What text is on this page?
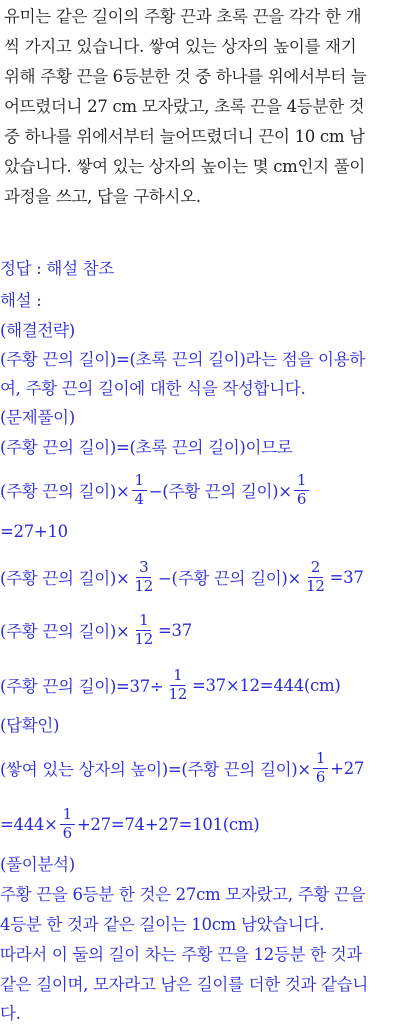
유미는 같은 길이의 주황 끈과 초록 끈을 각각 한 개
씩 가지고 있습니다. 쌓여 있는 상자의 높이를 재기
위해 주황 끈을 6등분한 것 중 하나를 위에서부터 늘
어뜨렸더니 27 cm 모자랐고, 초록 끈을 4등분한 것
중 하나를 위에서부터 늘어뜨렸더니 끈이 10 cm 남
았습니다. 쌓여 있는 상자의 높이는 몇 cm인지 풀이
과정을 쓰고, 답을 구하시오.
정답 : 해설 참조
해설 :
(해결전략)
(주황 끈의 길이)=(초록 끈의 길이)라는 점을 이용하
여, 주황 끈의 길이에 대한 식을 작성합니다.
(문제풀이)
(주황 끈의 길이)=(초록 끈의 길이)이므로
(주황 끈의 길이)× $\frac{1}{4}$ −(주황 끈의 길이)× $\frac{1}{6}$
=27+10
(주황 끈의 길이)× $\frac{3}{12}$ −(주황 끈의 길이)× $\frac{2}{12} =37$
(주황 끈의 길이)× $\frac{1}{12} =37$
(주황 끈의 길이)$=37\div \frac{1}{12} =37\times 12=444(cm)$
(답확인)
(쌓여 있는 상자의 높이)=(주황 끈의 길이)× $\frac{1}{6} +27$
$=444\times \frac{1}{6} +27=74+27=101(cm)$
(풀이분석)
주황 끈을 6등분 한 것은 27cm 모자랐고, 주황 끈을
4등분 한 것과 같은 길이는 10cm 남았습니다.
따라서 이 둘의 길이 차는 주황 끈을 12등분 한 것과
같은 길이며, 모자라고 남은 길이를 더한 것과 같습니
다.
